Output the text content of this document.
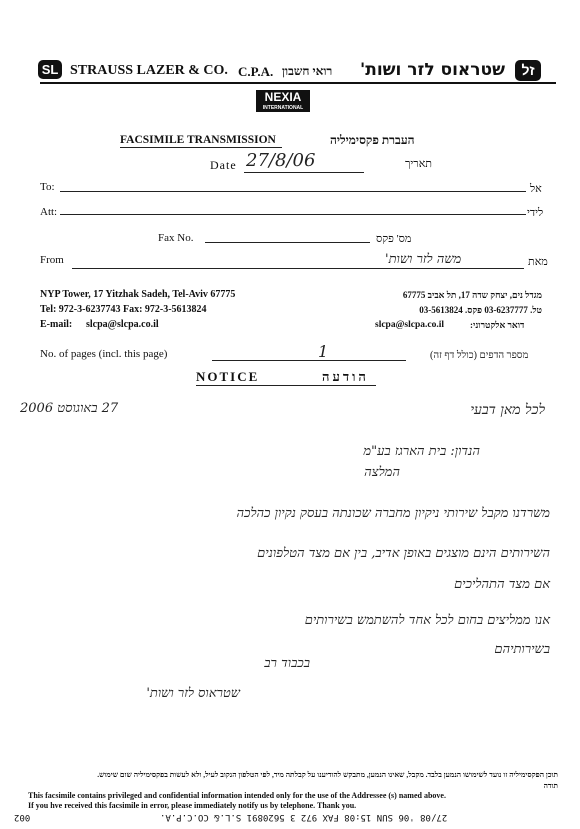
SL STRAUSS LAZER & CO. C.P.A. רואי חשבון שטראוס לזר ושות'	זל
NEXIA
INTERNATIONAL
FACSIMILE TRANSMISSION	העברת פקסימיליה
Date 27/8/06	תאריך
To:	אל
Att:	לידי
Fax No.	מס' פקס
From	משה לזר ושות'	מאת
NYP Tower, 17 Yitzhak Sadeh, Tel-Aviv 67775
Tel: 972-3-6237743 Fax: 972-3-5613824
E-mail: slcpa@slcpa.co.il
מגדל נים, יצחק שדה 17, תל אביב 67775
טל. 03-6237777 פקס. 03-5613824
slcpa@slcpa.co.il	דואר אלקטרוני:
No. of pages (incl. this page)	1	מספר הדפים (כולל דף זה)
NOTICE	הודעה
27 באוגוסט 2006	לכל מאן דבעי
הנדון: בית הארגז בע"מ
המלצה
משרדנו מקבל שירותי ניקיון מחברה שכונתה בעסק נקיון כהלכה
השירותים הינם מוצגים באופן אדיב, בין אם מצד הטלפונים
אם מצד התהליכים
אנו ממליצים בחום לכל אחד להשתמש בשירותים
בשירותיהם
בכבוד רב
שטראוס לזר ושות'
תוכן הפקסימיליה זו נועד לשימושו הנמען בלבד. מקבל, שאינו הנמען, מתבקש להודיענו על קבלתה מיד, לפי הטלפון הנקוב לעיל, ולא לעשות בפקסימיליה שום שימוש.
תודה
This facsimile contains privileged and confidential information intended only for the use of the Addressee (s) named above.
If you hve received this facsimile in error, please immediately notify us by telephone. Thank you.
27/08 '06 SUN 15:08 FAX 972 3 5620891 S.L.& CO.C.P.A.
002
